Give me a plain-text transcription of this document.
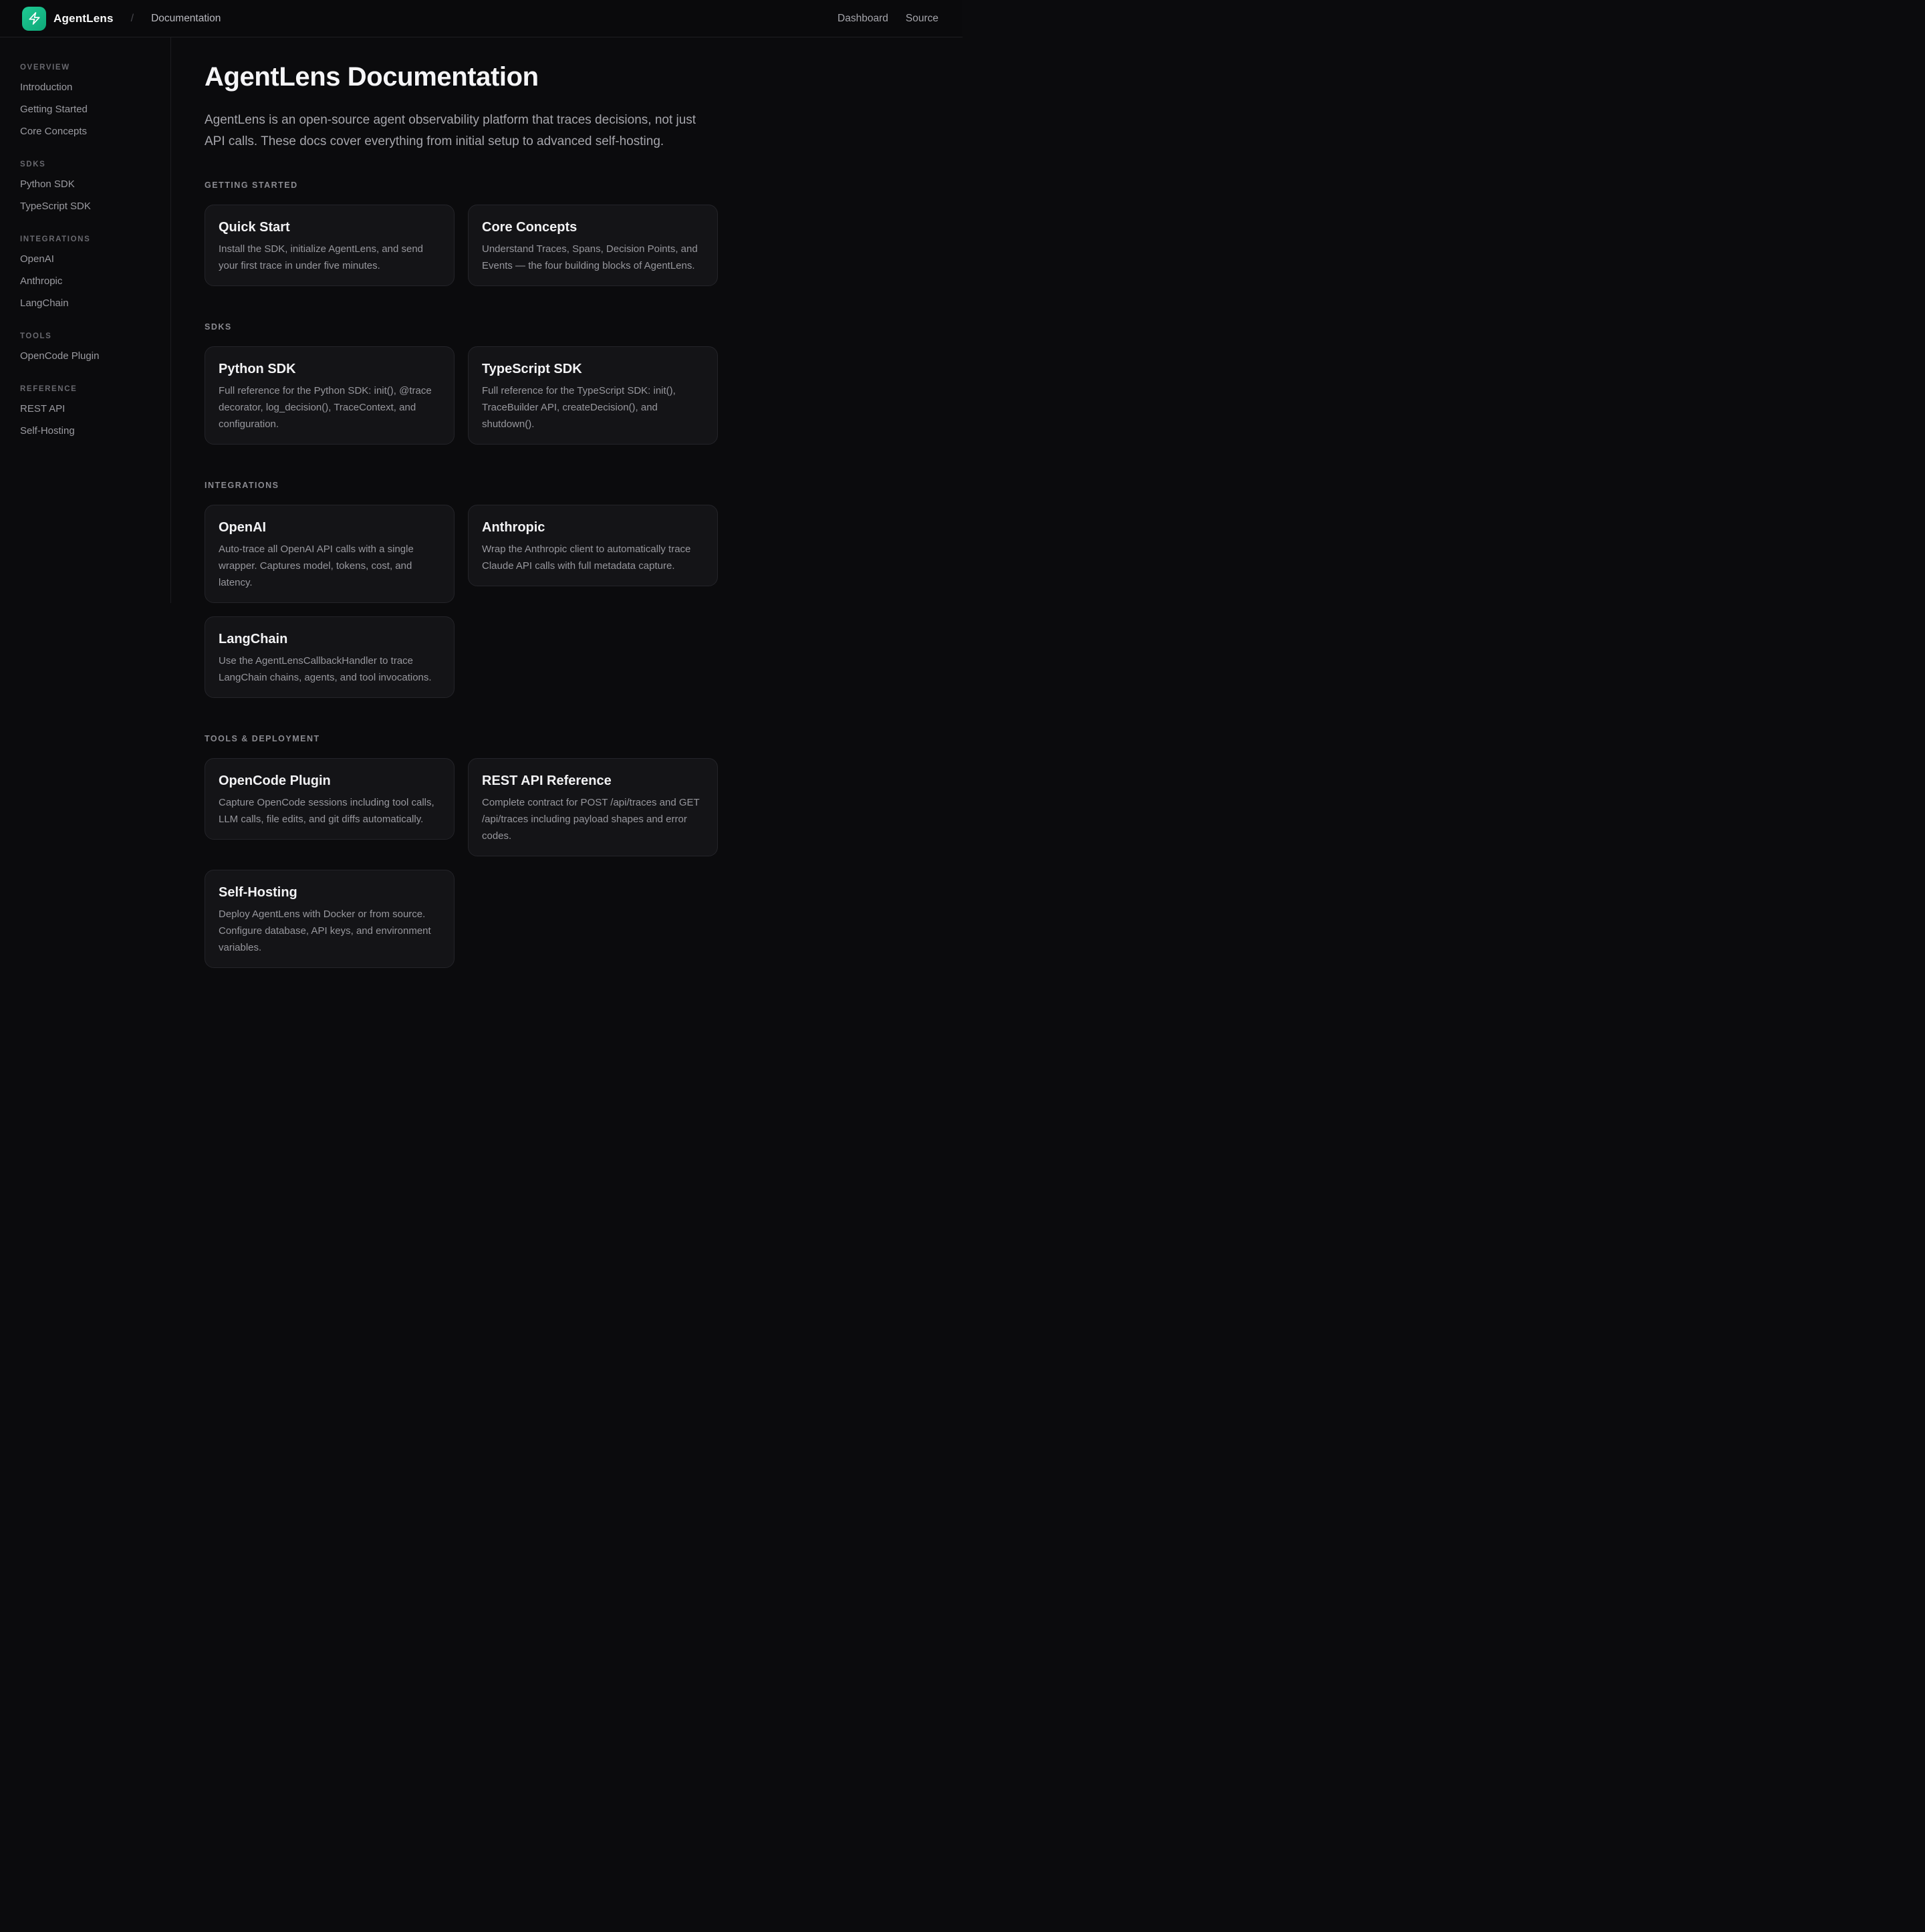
AgentLens / Documentation	Dashboard Source
OVERVIEW
Introduction
Getting Started
Core Concepts
SDKS
Python SDK
TypeScript SDK
INTEGRATIONS
OpenAI
Anthropic
LangChain
TOOLS
OpenCode Plugin
REFERENCE
REST API
Self-Hosting
AgentLens Documentation

AgentLens is an open-source agent observability platform that traces decisions, not just API calls. These docs cover everything from initial setup to advanced self-hosting.

GETTING STARTED
Quick Start

Install the SDK, initialize AgentLens, and send your first trace in under five minutes.

Core Concepts

Understand Traces, Spans, Decision Points, and Events — the four building blocks of AgentLens.

SDKS
Python SDK

Full reference for the Python SDK: init(), @trace decorator, log_decision(), TraceContext, and configuration.

TypeScript SDK

Full reference for the TypeScript SDK: init(), TraceBuilder API, createDecision(), and shutdown().

INTEGRATIONS
OpenAI

Auto-trace all OpenAI API calls with a single wrapper. Captures model, tokens, cost, and latency.

Anthropic

Wrap the Anthropic client to automatically trace Claude API calls with full metadata capture.

LangChain

Use the AgentLensCallbackHandler to trace LangChain chains, agents, and tool invocations.

TOOLS & DEPLOYMENT
OpenCode Plugin

Capture OpenCode sessions including tool calls, LLM calls, file edits, and git diffs automatically.

REST API Reference

Complete contract for POST /api/traces and GET /api/traces including payload shapes and error codes.

Self-Hosting

Deploy AgentLens with Docker or from source. Configure database, API keys, and environment variables.
